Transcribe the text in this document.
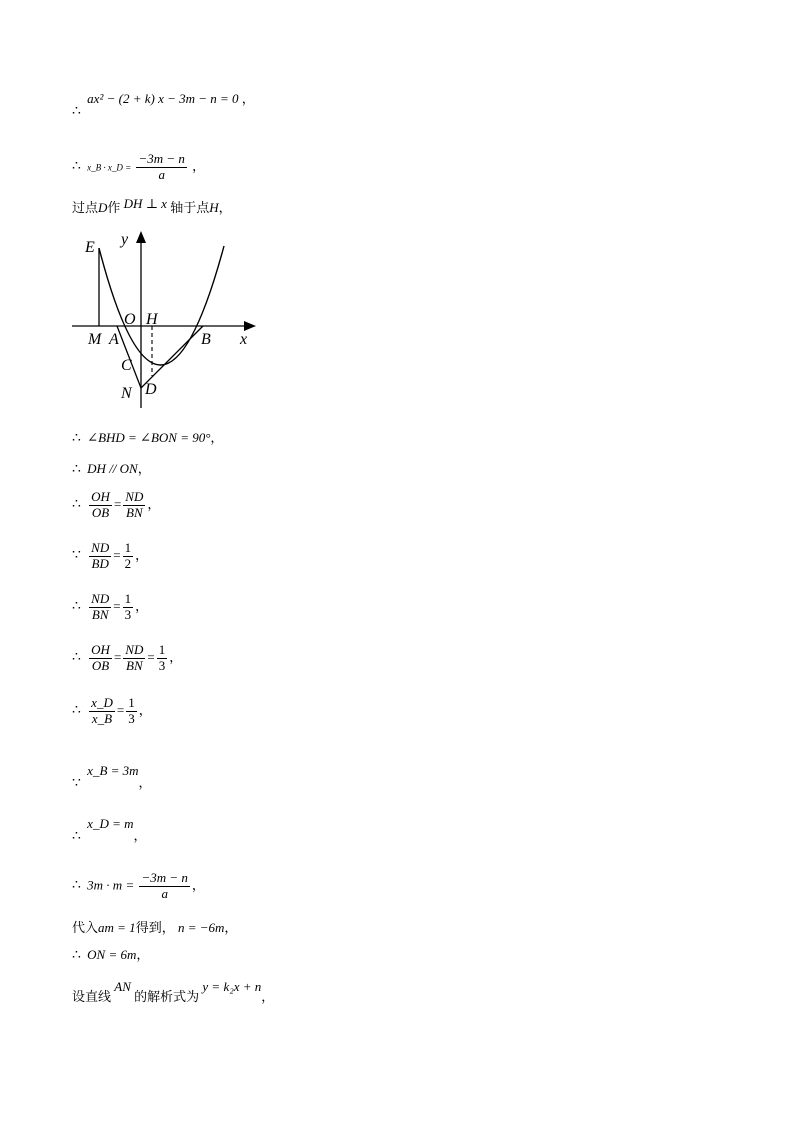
∴ ax² − (2 + k) x − 3m − n = 0 ，
∴ x_B · x_D = $\frac{-3m - n}{a}$ ，
过点D作 DH ⊥ x 轴于点H，
E y
O H
M A	B x
C
N D
∴ ∠BHD = ∠BON = 90°，
∴ DH // ON，
∴ $\frac{OH}{OB} = \frac{ND}{BN}$ ，
∵ $\frac{ND}{BD} = \frac{1}{2}$ ，
∴ $\frac{ND}{BN} = \frac{1}{3}$ ，
∴ $\frac{OH}{OB} = \frac{ND}{BN} = \frac{1}{3}$ ，
∴ $\frac{x\_D}{x\_B} = \frac{1}{3}$ ，
∵ x_B = 3m，
∴ x_D = m，
∴ $3m \cdot m = \frac{-3m - n}{a}$ ，
代入am = 1得到， n = −6m，
∴ ON = 6m，
设直线 AN 的解析式为 y = k₂x + n，
